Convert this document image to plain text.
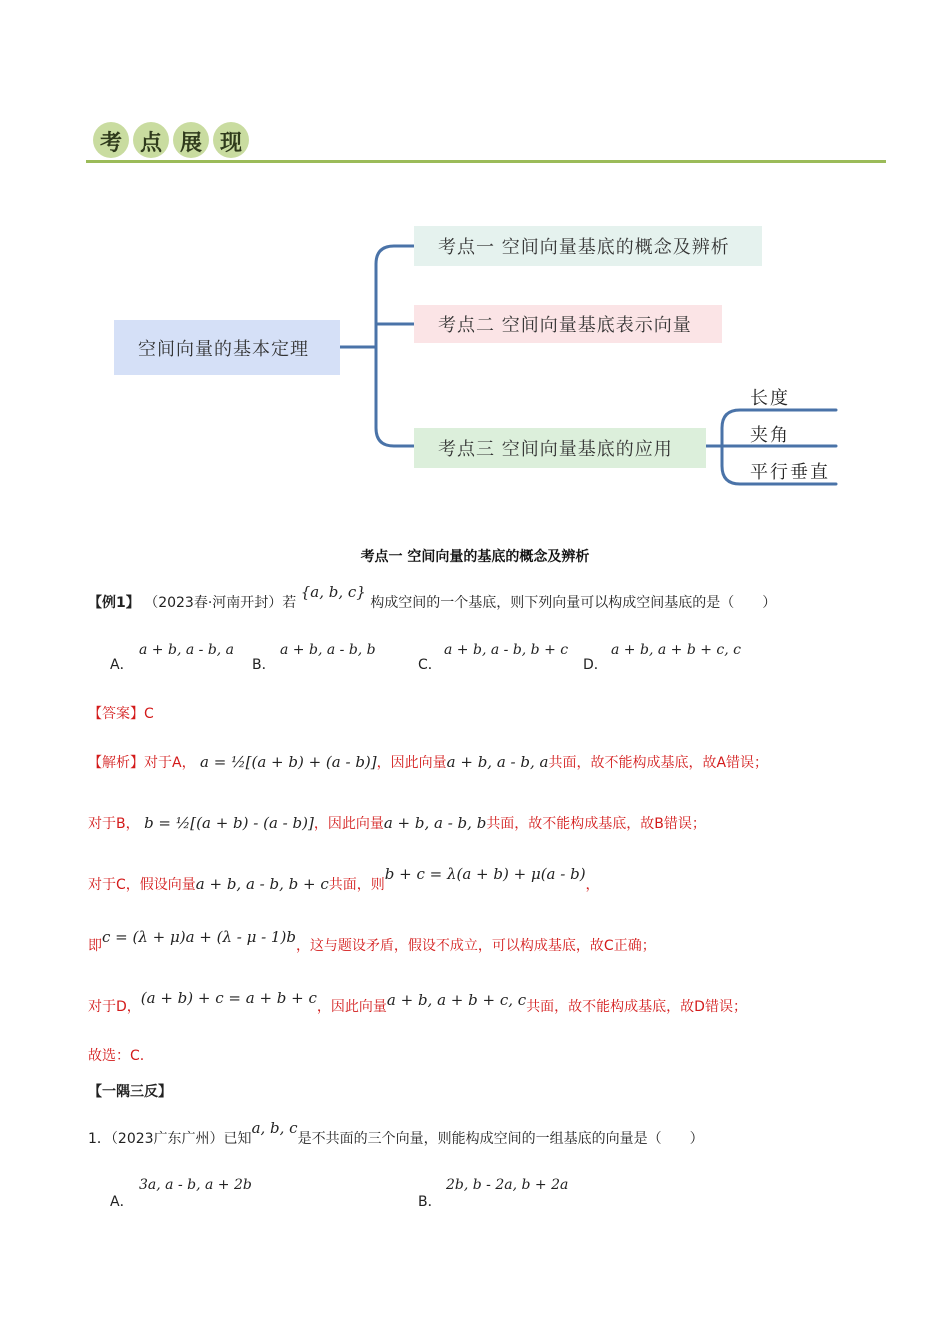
考 点 展 现
空间向量的基本定理
考点一 空间向量基底的概念及辨析
考点二 空间向量基底表示向量
考点三 空间向量基底的应用
长度
夹角
平行垂直
考点一 空间向量的基底的概念及辨析
【例1】 （2023春·河南开封）若 {a, b, c} 构成空间的一个基底，则下列向量可以构成空间基底的是（　　）
A．
a + b, a - b, a
B．
a + b, a - b, b
C．
a + b, a - b, b + c
D．
a + b, a + b + c, c
【答案】C
【解析】对于A， a = ½[(a + b) + (a - b)]，因此向量a + b, a - b, a共面，故不能构成基底，故A错误；
对于B， b = ½[(a + b) - (a - b)]，因此向量a + b, a - b, b共面，故不能构成基底，故B错误；
对于C，假设向量a + b, a - b, b + c共面，则b + c = λ(a + b) + μ(a - b)，
即c = (λ + μ)a + (λ - μ - 1)b，这与题设矛盾，假设不成立，可以构成基底，故C正确；
对于D，(a + b) + c = a + b + c，因此向量a + b, a + b + c, c共面，故不能构成基底，故D错误；
故选：C.
【一隅三反】
1．（2023广东广州）已知a, b, c是不共面的三个向量，则能构成空间的一组基底的向量是（　　）
A．
3a, a - b, a + 2b
B．
2b, b - 2a, b + 2a
